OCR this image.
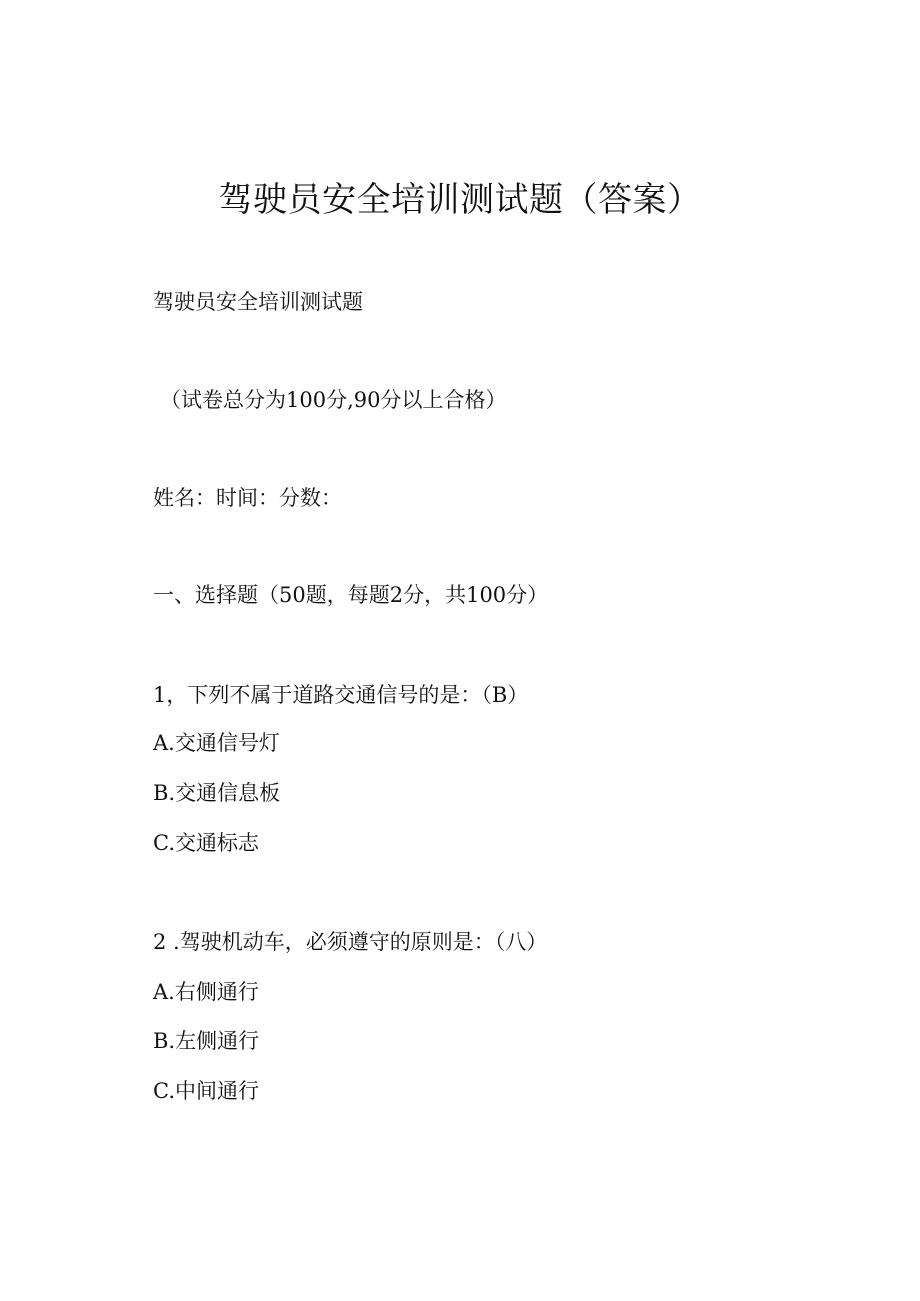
驾驶员安全培训测试题（答案）
驾驶员安全培训测试题
（试卷总分为100分,90分以上合格）
姓名：时间：分数：
一、选择题（50题，每题2分，共100分）
1，下列不属于道路交通信号的是：（B）
A.交通信号灯
B.交通信息板
C.交通标志
2 .驾驶机动车，必须遵守的原则是：（八）
A.右侧通行
B.左侧通行
C.中间通行
